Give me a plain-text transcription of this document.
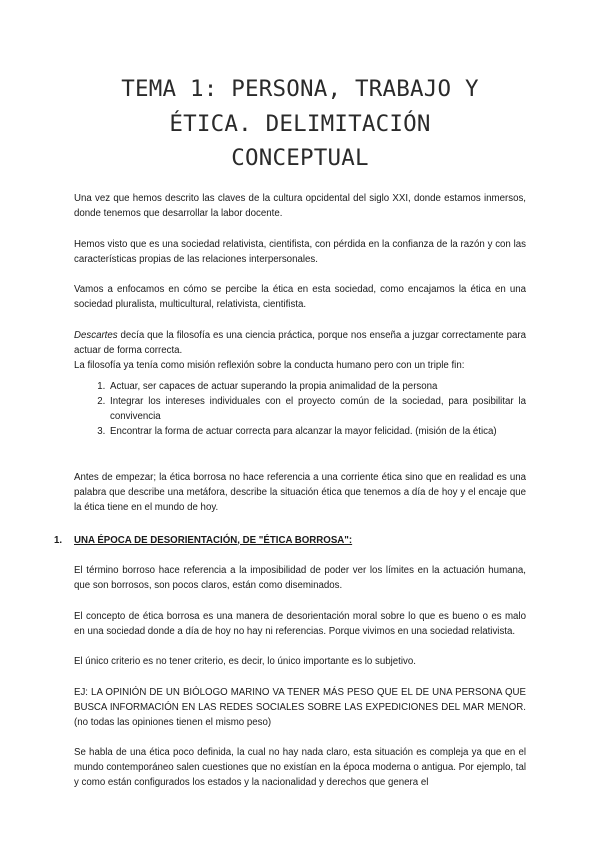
TEMA 1: PERSONA, TRABAJO Y
ÉTICA. DELIMITACIÓN
CONCEPTUAL

Una vez que hemos descrito las claves de la cultura opcidental del siglo XXI, donde estamos inmersos, donde tenemos que desarrollar la labor docente.

Hemos visto que es una sociedad relativista, cientifista, con pérdida en la confianza de la razón y con las características propias de las relaciones interpersonales.

Vamos a enfocamos en cómo se percibe la ética en esta sociedad, como encajamos la ética en una sociedad pluralista, multicultural, relativista, cientifista.

Descartes decía que la filosofía es una ciencia práctica, porque nos enseña a juzgar correctamente para actuar de forma correcta.

La filosofía ya tenía como misión reflexión sobre la conducta humano pero con un triple fin:

1. Actuar, ser capaces de actuar superando la propia animalidad de la persona
2. Integrar los intereses individuales con el proyecto común de la sociedad, para posibilitar la convivencia
3. Encontrar la forma de actuar correcta para alcanzar la mayor felicidad. (misión de la ética)

Antes de empezar; la ética borrosa no hace referencia a una corriente ética sino que en realidad es una palabra que describe una metáfora, describe la situación ética que tenemos a día de hoy y el encaje que la ética tiene en el mundo de hoy.

1.	UNA ÉPOCA DE DESORIENTACIÓN, DE "ÉTICA BORROSA":

El término borroso hace referencia a la imposibilidad de poder ver los límites en la actuación humana, que son borrosos, son pocos claros, están como diseminados.

El concepto de ética borrosa es una manera de desorientación moral sobre lo que es bueno o es malo en una sociedad donde a día de hoy no hay ni referencias. Porque vivimos en una sociedad relativista.

El único criterio es no tener criterio, es decir, lo único importante es lo subjetivo.

EJ: LA OPINIÓN DE UN BIÓLOGO MARINO VA TENER MÁS PESO QUE EL DE UNA PERSONA QUE BUSCA INFORMACIÓN EN LAS REDES SOCIALES SOBRE LAS EXPEDICIONES DEL MAR MENOR. (no todas las opiniones tienen el mismo peso)

Se habla de una ética poco definida, la cual no hay nada claro, esta situación es compleja ya que en el mundo contemporáneo salen cuestiones que no existían en la época moderna o antigua. Por ejemplo, tal y como están configurados los estados y la nacionalidad y derechos que genera el
